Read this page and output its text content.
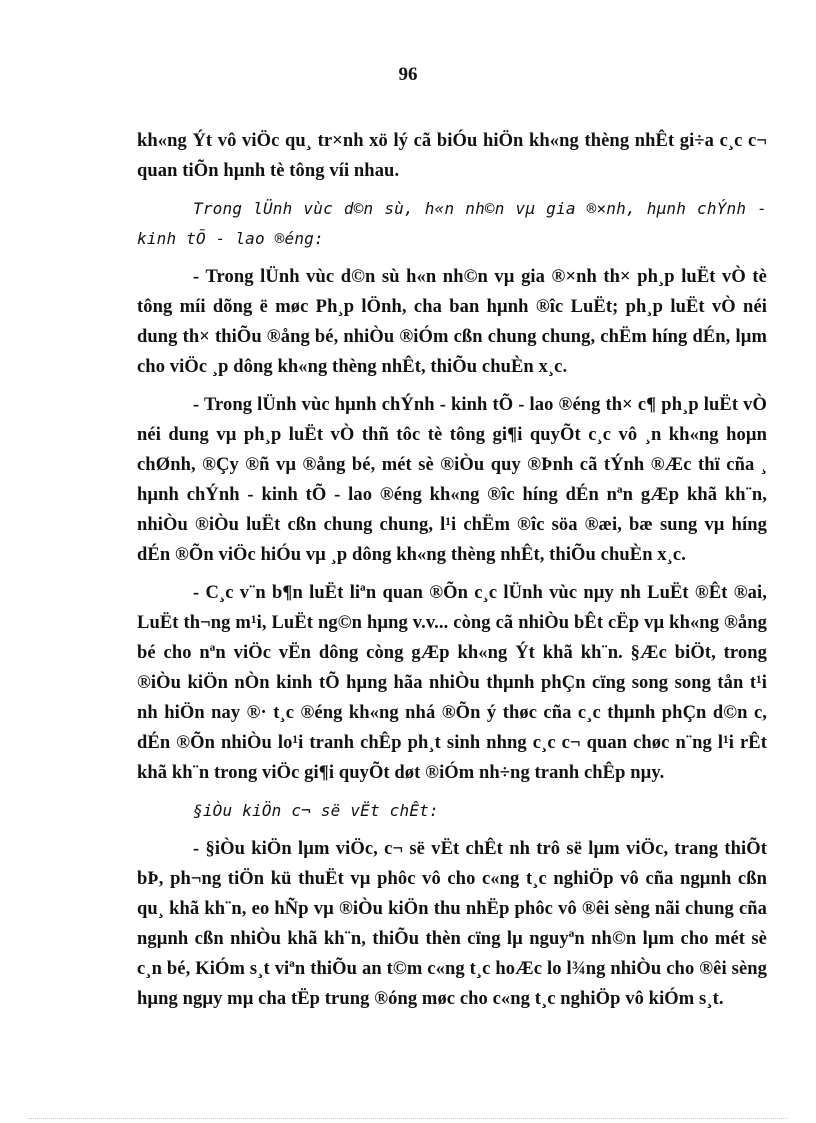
96

kh«ng Ýt vô viÖc qu¸ tr×nh xö lý cã biÓu hiÖn kh«ng thèng nhÊt gi÷a c¸c c¬ quan tiÕn hµnh tè tông víi nhau.

Trong lÜnh vùc d©n sù, h«n nh©n vµ gia ®×nh, hµnh chÝnh - kinh tÕ - lao ®éng:

- Trong lÜnh vùc d©n sù h«n nh©n vµ gia ®×nh th× ph¸p luËt vÒ tè tông míi dõng ë møc Ph¸p lÖnh, cha ban hµnh ®îc LuËt; ph¸p luËt vÒ néi dung th× thiÕu ®ång bé, nhiÒu ®iÓm cßn chung chung, chËm híng dÉn, lµm cho viÖc ¸p dông kh«ng thèng nhÊt, thiÕu chuÈn x¸c.

- Trong lÜnh vùc hµnh chÝnh - kinh tÕ - lao ®éng th× c¶ ph¸p luËt vÒ néi dung vµ ph¸p luËt vÒ thñ tôc tè tông gi¶i quyÕt c¸c vô ¸n kh«ng hoµn chØnh, ®Çy ®ñ vµ ®ång bé, mét sè ®iÒu quy ®Þnh cã tÝnh ®Æc thï cña ¸ hµnh chÝnh - kinh tÕ - lao ®éng kh«ng ®îc híng dÉn nªn gÆp khã kh¨n, nhiÒu ®iÒu luËt cßn chung chung, l¹i chËm ®îc söa ®æi, bæ sung vµ híng dÉn ®Õn viÖc hiÓu vµ ¸p dông kh«ng thèng nhÊt, thiÕu chuÈn x¸c.

- C¸c v¨n b¶n luËt liªn quan ®Õn c¸c lÜnh vùc nµy nh LuËt ®Êt ®ai, LuËt th¬ng m¹i, LuËt ng©n hµng v.v... còng cã nhiÒu bÊt cËp vµ kh«ng ®ång bé cho nªn viÖc vËn dông còng gÆp kh«ng Ýt khã kh¨n. §Æc biÖt, trong ®iÒu kiÖn nÒn kinh tÕ hµng hãa nhiÒu thµnh phÇn cïng song song tån t¹i nh hiÖn nay ®· t¸c ®éng kh«ng nhá ®Õn ý thøc cña c¸c thµnh phÇn d©n c, dÉn ®Õn nhiÒu lo¹i tranh chÊp ph¸t sinh nhng c¸c c¬ quan chøc n¨ng l¹i rÊt khã kh¨n trong viÖc gi¶i quyÕt døt ®iÓm nh÷ng tranh chÊp nµy.

§iÒu kiÖn c¬ së vËt chÊt:

- §iÒu kiÖn lµm viÖc, c¬ së vËt chÊt nh trô së lµm viÖc, trang thiÕt bÞ, ph¬ng tiÖn kü thuËt vµ phôc vô cho c«ng t¸c nghiÖp vô cña ngµnh cßn qu¸ khã kh¨n, eo hÑp vµ ®iÒu kiÖn thu nhËp phôc vô ®êi sèng nãi chung cña ngµnh cßn nhiÒu khã kh¨n, thiÕu thèn cïng lµ nguyªn nh©n lµm cho mét sè c¸n bé, KiÓm s¸t viªn thiÕu an t©m c«ng t¸c hoÆc lo l¾ng nhiÒu cho ®êi sèng hµng ngµy mµ cha tËp trung ®óng møc cho c«ng t¸c nghiÖp vô kiÓm s¸t.
